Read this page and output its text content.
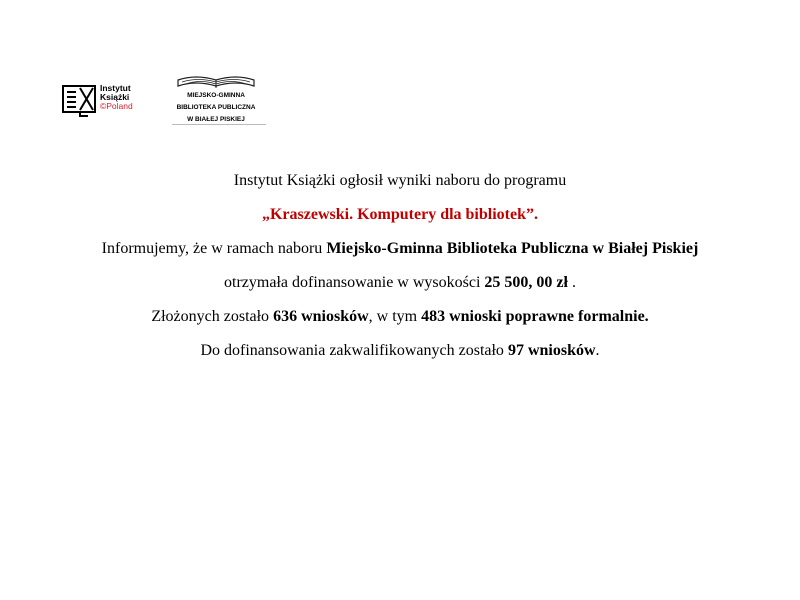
Instytut
Książki
©Poland
MIEJSKO-GMINNA
BIBLIOTEKA PUBLICZNA
W BIAŁEJ PISKIEJ
Instytut Książki ogłosił wyniki naboru do programu
„Kraszewski. Komputery dla bibliotek”.
Informujemy, że w ramach naboru Miejsko-Gminna Biblioteka Publiczna w Białej Piskiej
otrzymała dofinansowanie w wysokości 25 500, 00 zł .
Złożonych zostało 636 wniosków, w tym 483 wnioski poprawne formalnie.
Do dofinansowania zakwalifikowanych zostało 97 wniosków.
